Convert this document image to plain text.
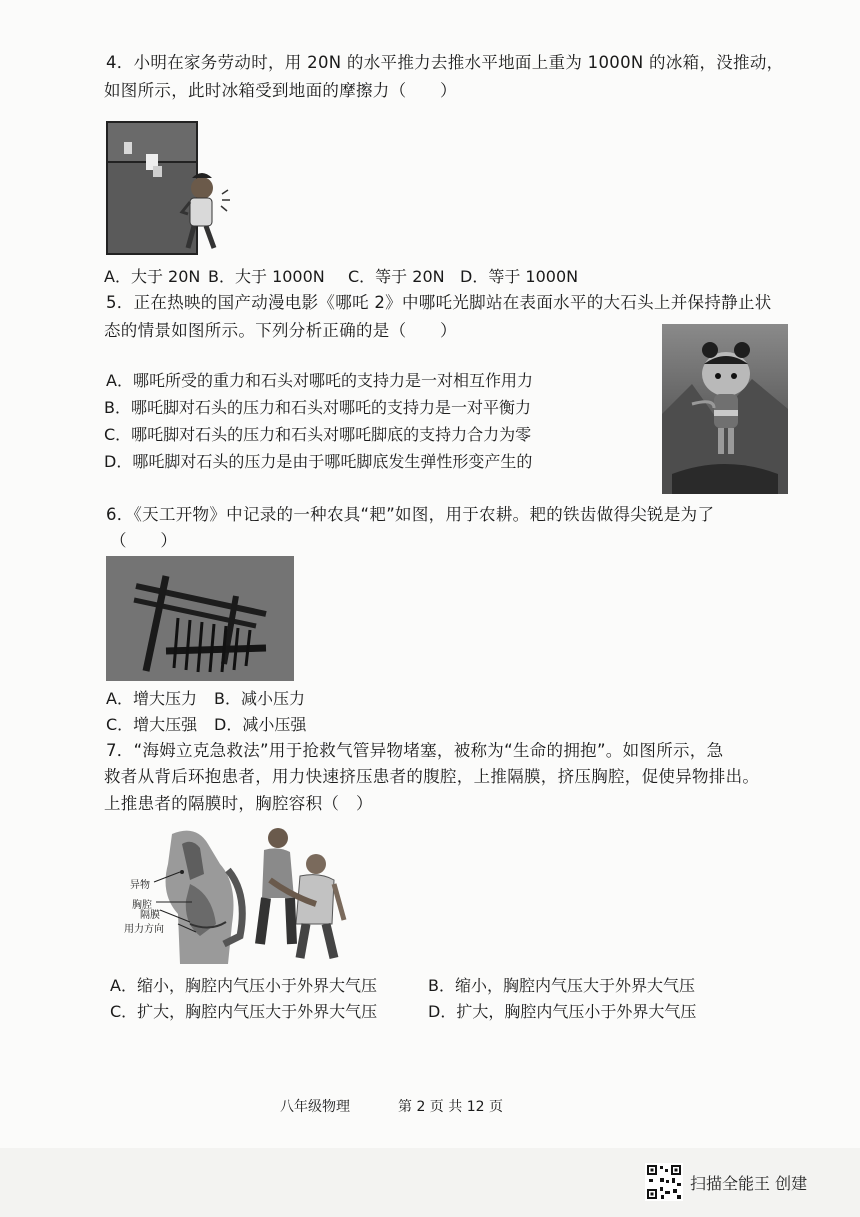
4．小明在家务劳动时，用 20N 的水平推力去推水平地面上重为 1000N 的冰箱，没推动，
如图所示，此时冰箱受到地面的摩擦力（　　）
A．大于 20N B．大于 1000N C．等于 20N D．等于 1000N
5．正在热映的国产动漫电影《哪吒 2》中哪吒光脚站在表面水平的大石头上并保持静止状
态的情景如图所示。下列分析正确的是（　　）
A．哪吒所受的重力和石头对哪吒的支持力是一对相互作用力
B．哪吒脚对石头的压力和石头对哪吒的支持力是一对平衡力
C．哪吒脚对石头的压力和石头对哪吒脚底的支持力合力为零
D．哪吒脚对石头的压力是由于哪吒脚底发生弹性形变产生的
6．《天工开物》中记录的一种农具“耙”如图，用于农耕。耙的铁齿做得尖锐是为了
（　　）
A．增大压力 B．减小压力
C．增大压强 D．减小压强
7．“海姆立克急救法”用于抢救气管异物堵塞，被称为“生命的拥抱”。如图所示，急
救者从背后环抱患者，用力快速挤压患者的腹腔，上推隔膜，挤压胸腔，促使异物排出。
上推患者的隔膜时，胸腔容积（　）
异物
胸腔
隔膜
用力方向
A．缩小，胸腔内气压小于外界大气压	B．缩小，胸腔内气压大于外界大气压
C．扩大，胸腔内气压大于外界大气压	D．扩大，胸腔内气压小于外界大气压
八年级物理	第 2 页 共 12 页
扫描全能王 创建
